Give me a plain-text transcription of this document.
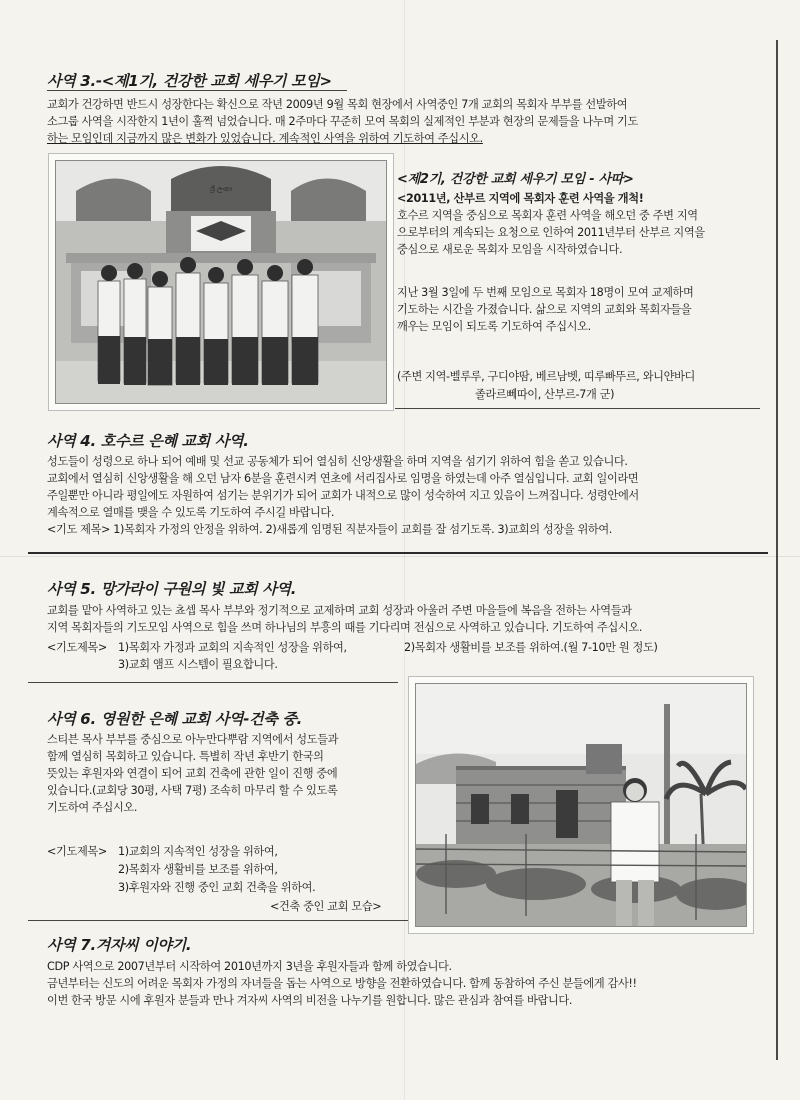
사역 3.-<제1기, 건강한 교회 세우기 모임>
교회가 건강하면 반드시 성장한다는 확신으로 작년 2009년 9월 목회 현장에서 사역중인 7개 교회의 목회자 부부를 선발하여
소그룹 사역을 시작한지 1년이 훌쩍 넘었습니다. 매 2주마다 꾸준히 모여 목회의 실제적인 부분과 현장의 문제들을 나누며 기도
하는 모임인데 지금까지 많은 변화가 있었습니다. 계속적인 사역을 위하여 기도하여 주십시오.
ශ්‍රී ලංකා
<제2기, 건강한 교회 세우기 모임 - 사따>
<2011년, 산부르 지역에 목회자 훈련 사역을 개척!
호수르 지역을 중심으로 목회자 훈련 사역을 해오던 중 주변 지역
으로부터의 계속되는 요청으로 인하여 2011년부터 산부르 지역을
중심으로 새로운 목회자 모임을 시작하였습니다.
지난 3월 3일에 두 번째 모임으로 목회자 18명이 모여 교제하며
기도하는 시간을 가졌습니다. 삶으로 지역의 교회와 목회자들을
깨우는 모임이 되도록 기도하여 주십시오.
(주변 지역-벨루루, 구디야땀, 베르남벳, 띠루빠뚜르, 와니얀바디
졸라르뻬따이, 산부르-7개 군)
사역 4. 호수르 은혜 교회 사역.
성도들이 성령으로 하나 되어 예배 및 선교 공동체가 되어 열심히 신앙생활을 하며 지역을 섬기기 위하여 힘을 쏟고 있습니다.
교회에서 열심히 신앙생활을 해 오던 남자 6분을 훈련시켜 연초에 서리집사로 임명을 하였는데 아주 열심입니다. 교회 일이라면
주일뿐만 아니라 평일에도 자원하여 섬기는 분위기가 되어 교회가 내적으로 많이 성숙하여 지고 있음이 느껴집니다. 성령안에서
계속적으로 열매를 맺을 수 있도록 기도하여 주시길 바랍니다.
<기도 제목> 1)목회자 가정의 안정을 위하여. 2)새롭게 임명된 직분자들이 교회를 잘 섬기도록. 3)교회의 성장을 위하여.
사역 5. 망가라이 구원의 빛 교회 사역.
교회를 맡아 사역하고 있는 쵸셉 목사 부부와 정기적으로 교제하며 교회 성장과 아울러 주변 마을들에 복음을 전하는 사역들과
지역 목회자들의 기도모임 사역으로 힘을 쓰며 하나님의 부흥의 때를 기다리며 전심으로 사역하고 있습니다. 기도하여 주십시오.
<기도제목> 1)목회자 가정과 교회의 지속적인 성장을 위하여,	2)목회자 생활비를 보조를 위하여.(월 7-10만 원 정도)
3)교회 앰프 시스템이 필요합니다.
사역 6. 영원한 은혜 교회 사역-건축 중.
스티븐 목사 부부를 중심으로 아누만다뿌람 지역에서 성도들과
함께 열심히 목회하고 있습니다. 특별히 작년 후반기 한국의
뜻있는 후원자와 연결이 되어 교회 건축에 관한 일이 진행 중에
있습니다.(교회당 30평, 사택 7평) 조속히 마무리 할 수 있도록
기도하여 주십시오.
<기도제목> 1)교회의 지속적인 성장을 위하여,
2)목회자 생활비를 보조를 위하여,
3)후원자와 진행 중인 교회 건축을 위하여.
<건축 중인 교회 모습>
사역 7.겨자씨 이야기.
CDP 사역으로 2007년부터 시작하여 2010년까지 3년을 후원자들과 함께 하였습니다.
금년부터는 신도의 어려운 목회자 가정의 자녀들을 돕는 사역으로 방향을 전환하였습니다. 함께 동참하여 주신 분들에게 감사!!
이번 한국 방문 시에 후원자 분들과 만나 겨자씨 사역의 비전을 나누기를 원합니다. 많은 관심과 참여를 바랍니다.
